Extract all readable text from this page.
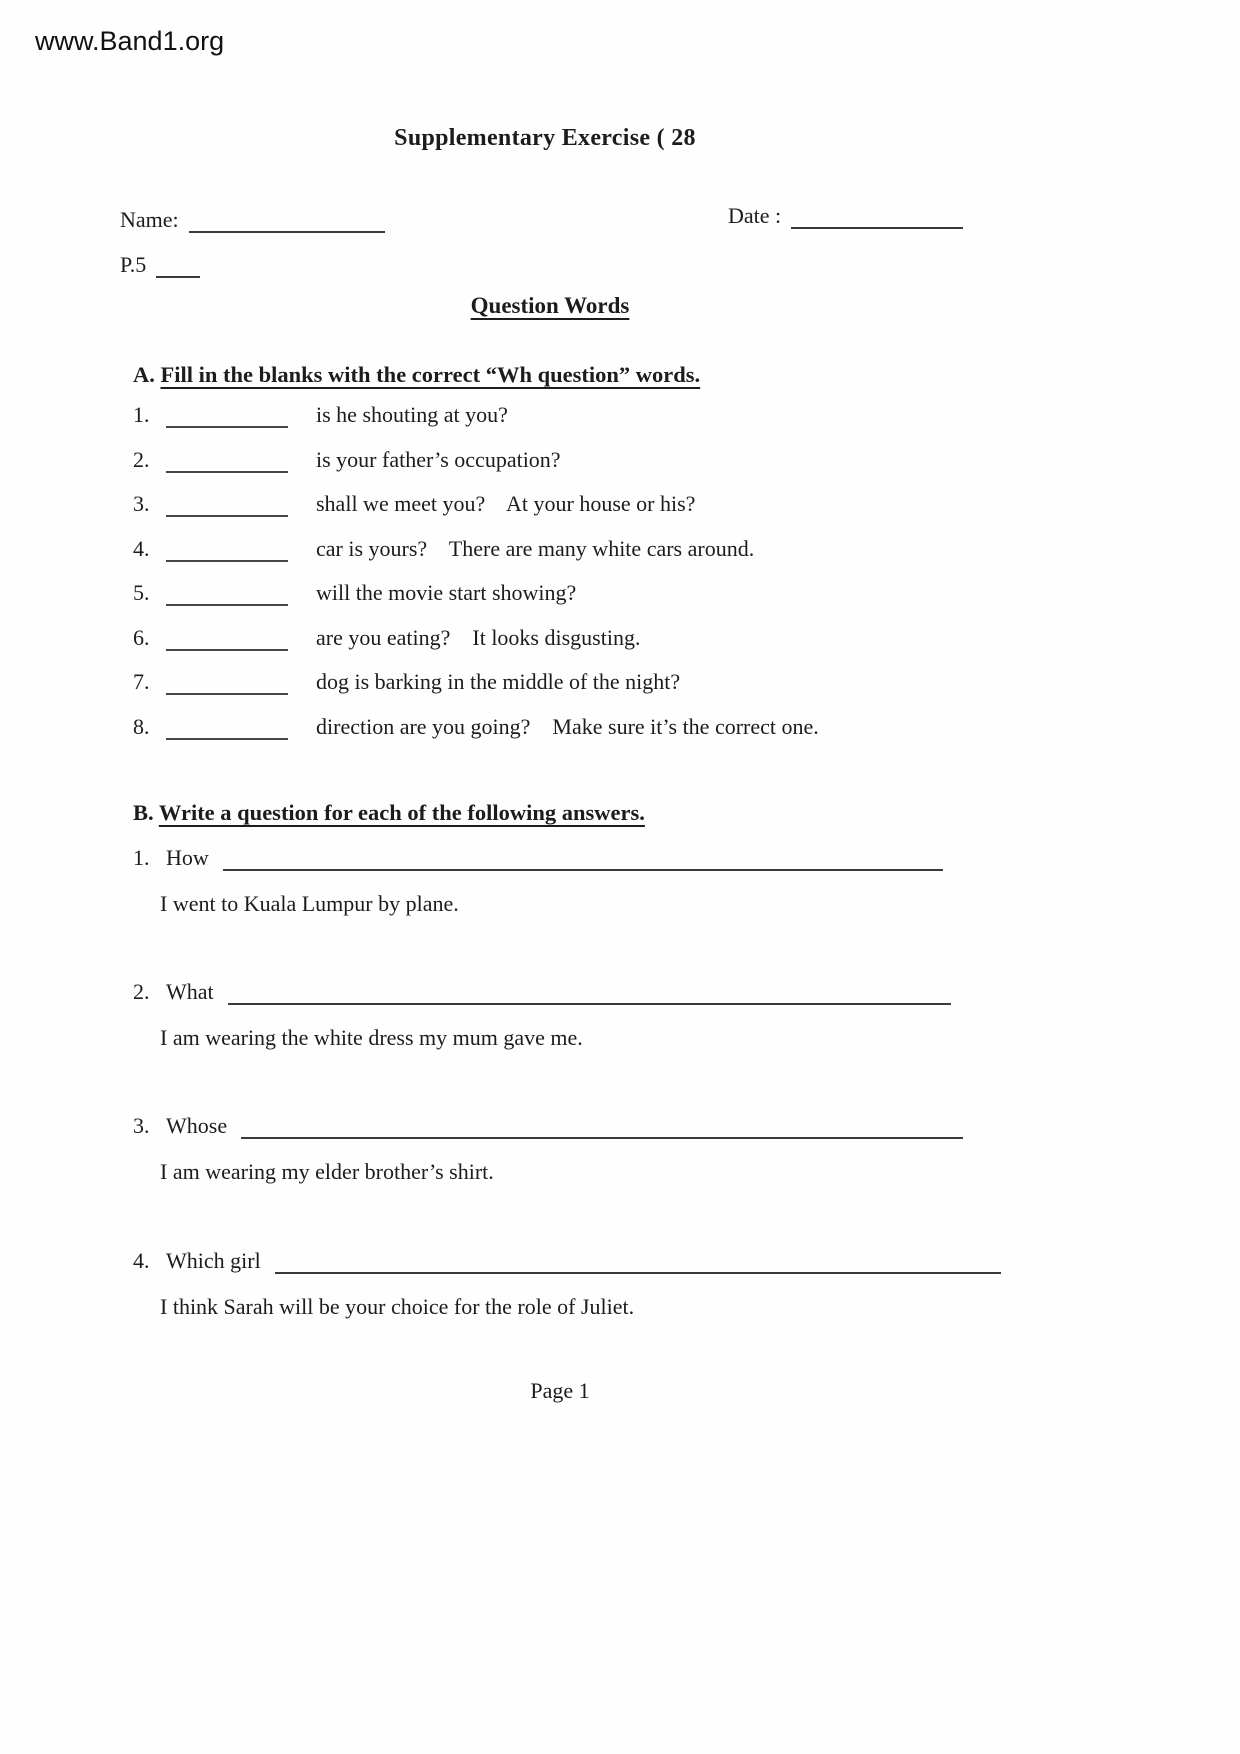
www.Band1.org
Supplementary Exercise ( 28
Name:	Date :
P.5
Question Words
A. Fill in the blanks with the correct “Wh question” words.
1.	is he shouting at you?
2.	is your father’s occupation?
3.	shall we meet you?    At your house or his?
4.	car is yours?    There are many white cars around.
5.	will the movie start showing?
6.	are you eating?    It looks disgusting.
7.	dog is barking in the middle of the night?
8.	direction are you going?    Make sure it’s the correct one.
B. Write a question for each of the following answers.
1. How
I went to Kuala Lumpur by plane.
2. What
I am wearing the white dress my mum gave me.
3. Whose
I am wearing my elder brother’s shirt.
4. Which girl
I think Sarah will be your choice for the role of Juliet.
Page 1
